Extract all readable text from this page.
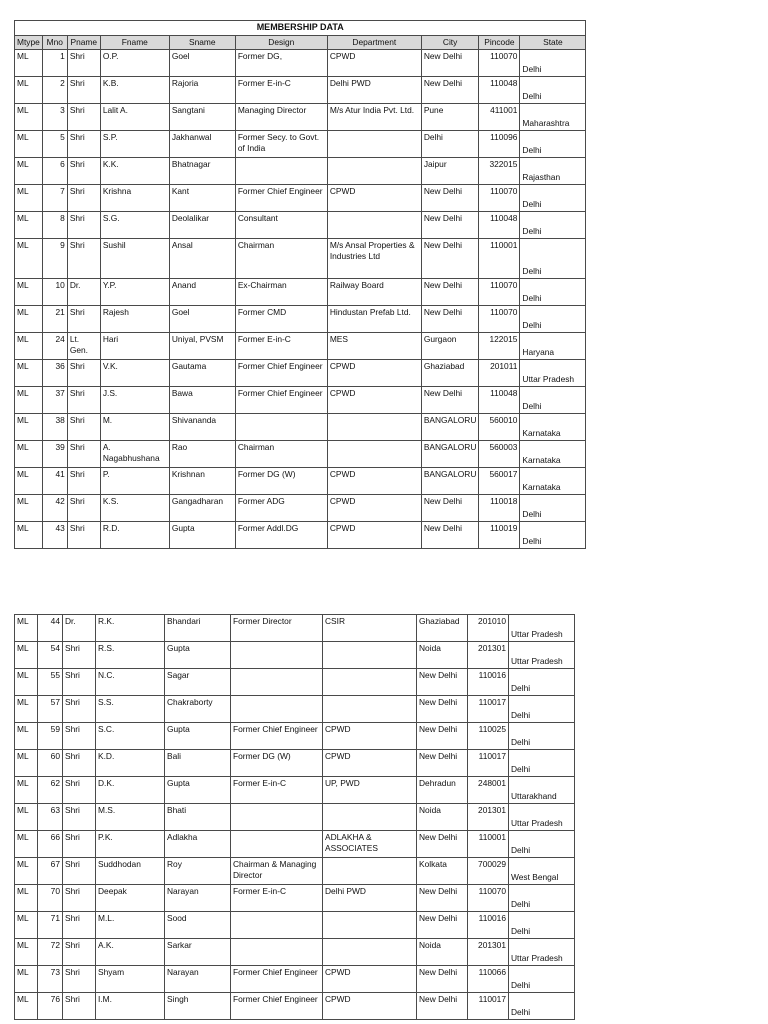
MEMBERSHIP DATA									
Mtype	Mno	Pname	Fname	Sname	Design	Department	City	Pincode	State
ML	1	Shri	O.P.	Goel	Former DG,	CPWD	New Delhi	110070	Delhi
ML	2	Shri	K.B.	Rajoria	Former E-in-C	Delhi PWD	New Delhi	110048	Delhi
ML	3	Shri	Lalit A.	Sangtani	Managing Director	M/s Atur India Pvt. Ltd.	Pune	411001	Maharashtra
ML	5	Shri	S.P.	Jakhanwal	Former Secy. to Govt. of India		Delhi	110096	Delhi
ML	6	Shri	K.K.	Bhatnagar			Jaipur	322015	Rajasthan
ML	7	Shri	Krishna	Kant	Former Chief Engineer	CPWD	New Delhi	110070	Delhi
ML	8	Shri	S.G.	Deolalikar	Consultant		New Delhi	110048	Delhi
ML	9	Shri	Sushil	Ansal	Chairman	M/s Ansal Properties & Industries Ltd	New Delhi	110001	Delhi
ML	10	Dr.	Y.P.	Anand	Ex-Chairman	Railway Board	New Delhi	110070	Delhi
ML	21	Shri	Rajesh	Goel	Former CMD	Hindustan Prefab Ltd.	New Delhi	110070	Delhi
ML	24	Lt. Gen.	Hari	Uniyal, PVSM	Former E-in-C	MES	Gurgaon	122015	Haryana
ML	36	Shri	V.K.	Gautama	Former Chief Engineer	CPWD	Ghaziabad	201011	Uttar Pradesh
ML	37	Shri	J.S.	Bawa	Former Chief Engineer	CPWD	New Delhi	110048	Delhi
ML	38	Shri	M.	Shivananda			BANGALORU	560010	Karnataka
ML	39	Shri	A. Nagabhushana	Rao	Chairman		BANGALORU	560003	Karnataka
ML	41	Shri	P.	Krishnan	Former DG (W)	CPWD	BANGALORU	560017	Karnataka
ML	42	Shri	K.S.	Gangadharan	Former ADG	CPWD	New Delhi	110018	Delhi
ML	43	Shri	R.D.	Gupta	Former Addl.DG	CPWD	New Delhi	110019	Delhi
ML	44	Dr.	R.K.	Bhandari	Former Director	CSIR	Ghaziabad	201010	Uttar Pradesh
ML	54	Shri	R.S.	Gupta			Noida	201301	Uttar Pradesh
ML	55	Shri	N.C.	Sagar			New Delhi	110016	Delhi
ML	57	Shri	S.S.	Chakraborty			New Delhi	110017	Delhi
ML	59	Shri	S.C.	Gupta	Former Chief Engineer	CPWD	New Delhi	110025	Delhi
ML	60	Shri	K.D.	Bali	Former DG (W)	CPWD	New Delhi	110017	Delhi
ML	62	Shri	D.K.	Gupta	Former E-in-C	UP, PWD	Dehradun	248001	Uttarakhand
ML	63	Shri	M.S.	Bhati			Noida	201301	Uttar Pradesh
ML	66	Shri	P.K.	Adlakha		ADLAKHA & ASSOCIATES	New Delhi	110001	Delhi
ML	67	Shri	Suddhodan	Roy	Chairman & Managing Director		Kolkata	700029	West Bengal
ML	70	Shri	Deepak	Narayan	Former E-in-C	Delhi PWD	New Delhi	110070	Delhi
ML	71	Shri	M.L.	Sood			New Delhi	110016	Delhi
ML	72	Shri	A.K.	Sarkar			Noida	201301	Uttar Pradesh
ML	73	Shri	Shyam	Narayan	Former Chief Engineer	CPWD	New Delhi	110066	Delhi
ML	76	Shri	I.M.	Singh	Former Chief Engineer	CPWD	New Delhi	110017	Delhi
